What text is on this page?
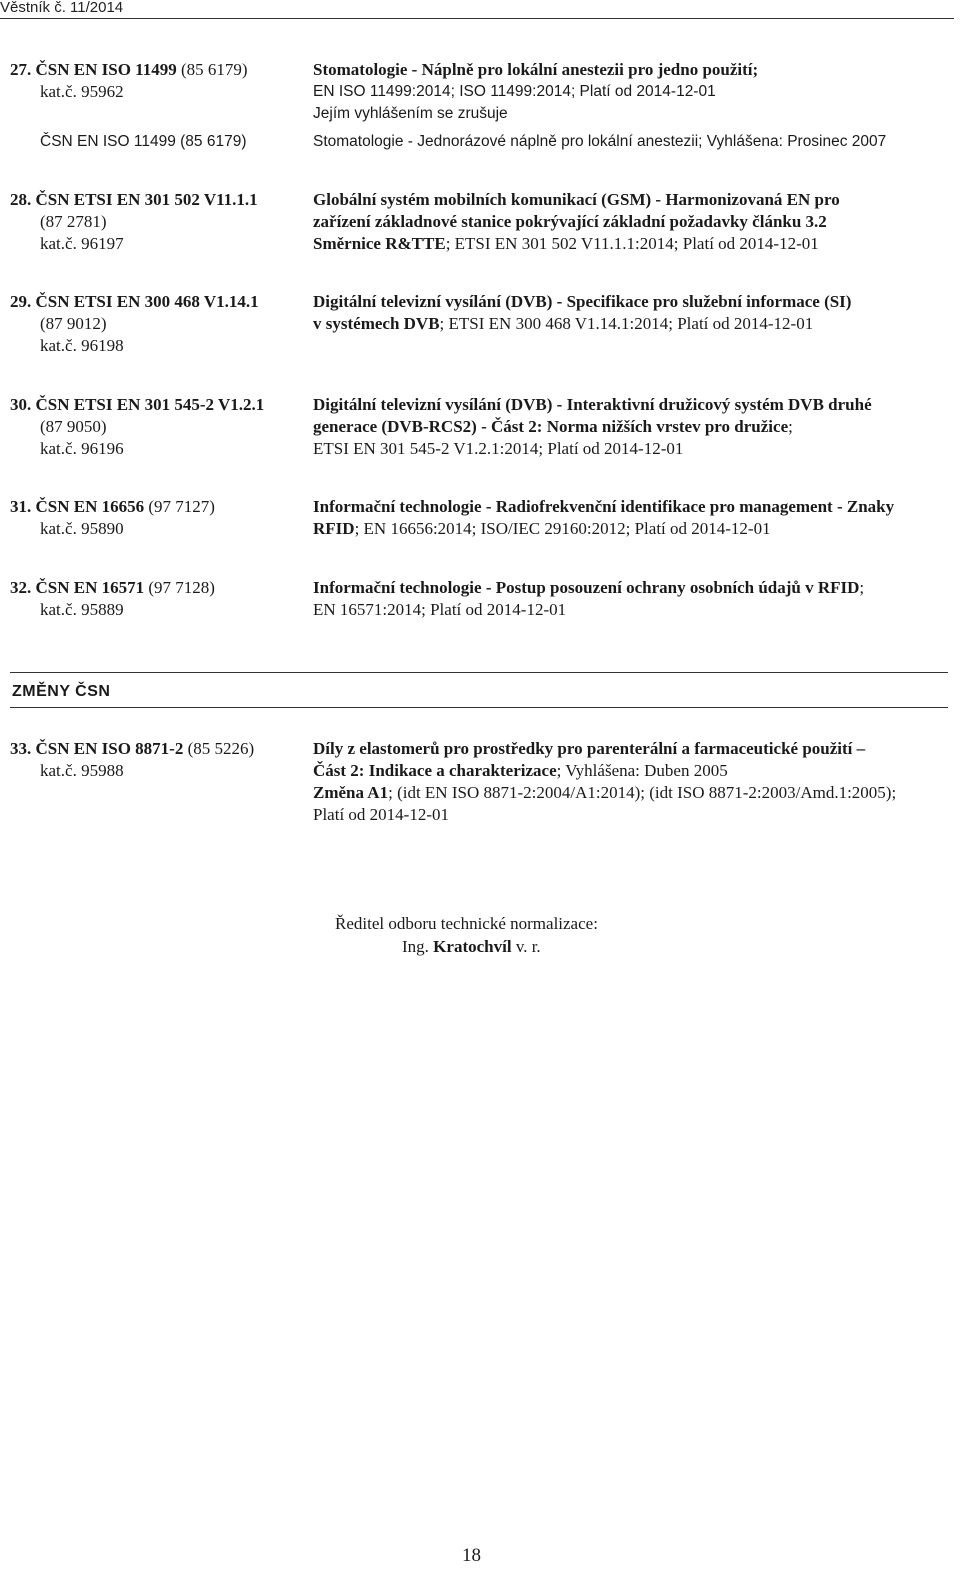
Věstník č. 11/2014
27. ČSN EN ISO 11499 (85 6179)
kat.č. 95962
Stomatologie - Náplně pro lokální anestezii pro jedno použití;
EN ISO 11499:2014; ISO 11499:2014; Platí od 2014-12-01
Jejím vyhlášením se zrušuje
ČSN EN ISO 11499 (85 6179)	Stomatologie - Jednorázové náplně pro lokální anestezii; Vyhlášena: Prosinec 2007
28. ČSN ETSI EN 301 502 V11.1.1
(87 2781)
kat.č. 96197
Globální systém mobilních komunikací (GSM) - Harmonizovaná EN pro
zařízení základnové stanice pokrývající základní požadavky článku 3.2
Směrnice R&TTE; ETSI EN 301 502 V11.1.1:2014; Platí od 2014-12-01
29. ČSN ETSI EN 300 468 V1.14.1
(87 9012)
kat.č. 96198
Digitální televizní vysílání (DVB) - Specifikace pro služební informace (SI)
v systémech DVB; ETSI EN 300 468 V1.14.1:2014; Platí od 2014-12-01
30. ČSN ETSI EN 301 545-2 V1.2.1
(87 9050)
kat.č. 96196
Digitální televizní vysílání (DVB) - Interaktivní družicový systém DVB druhé
generace (DVB-RCS2) - Část 2: Norma nižších vrstev pro družice;
ETSI EN 301 545-2 V1.2.1:2014; Platí od 2014-12-01
31. ČSN EN 16656 (97 7127)
kat.č. 95890
Informační technologie - Radiofrekvenční identifikace pro management - Znaky
RFID; EN 16656:2014; ISO/IEC 29160:2012; Platí od 2014-12-01
32. ČSN EN 16571 (97 7128)
kat.č. 95889
Informační technologie - Postup posouzení ochrany osobních údajů v RFID;
EN 16571:2014; Platí od 2014-12-01
ZMĚNY ČSN
33. ČSN EN ISO 8871-2 (85 5226)
kat.č. 95988
Díly z elastomerů pro prostředky pro parenterální a farmaceutické použití –
Část 2: Indikace a charakterizace; Vyhlášena: Duben 2005
Změna A1; (idt EN ISO 8871-2:2004/A1:2014); (idt ISO 8871-2:2003/Amd.1:2005);
Platí od 2014-12-01
Ředitel odboru technické normalizace:
Ing. Kratochvíl v. r.
18
